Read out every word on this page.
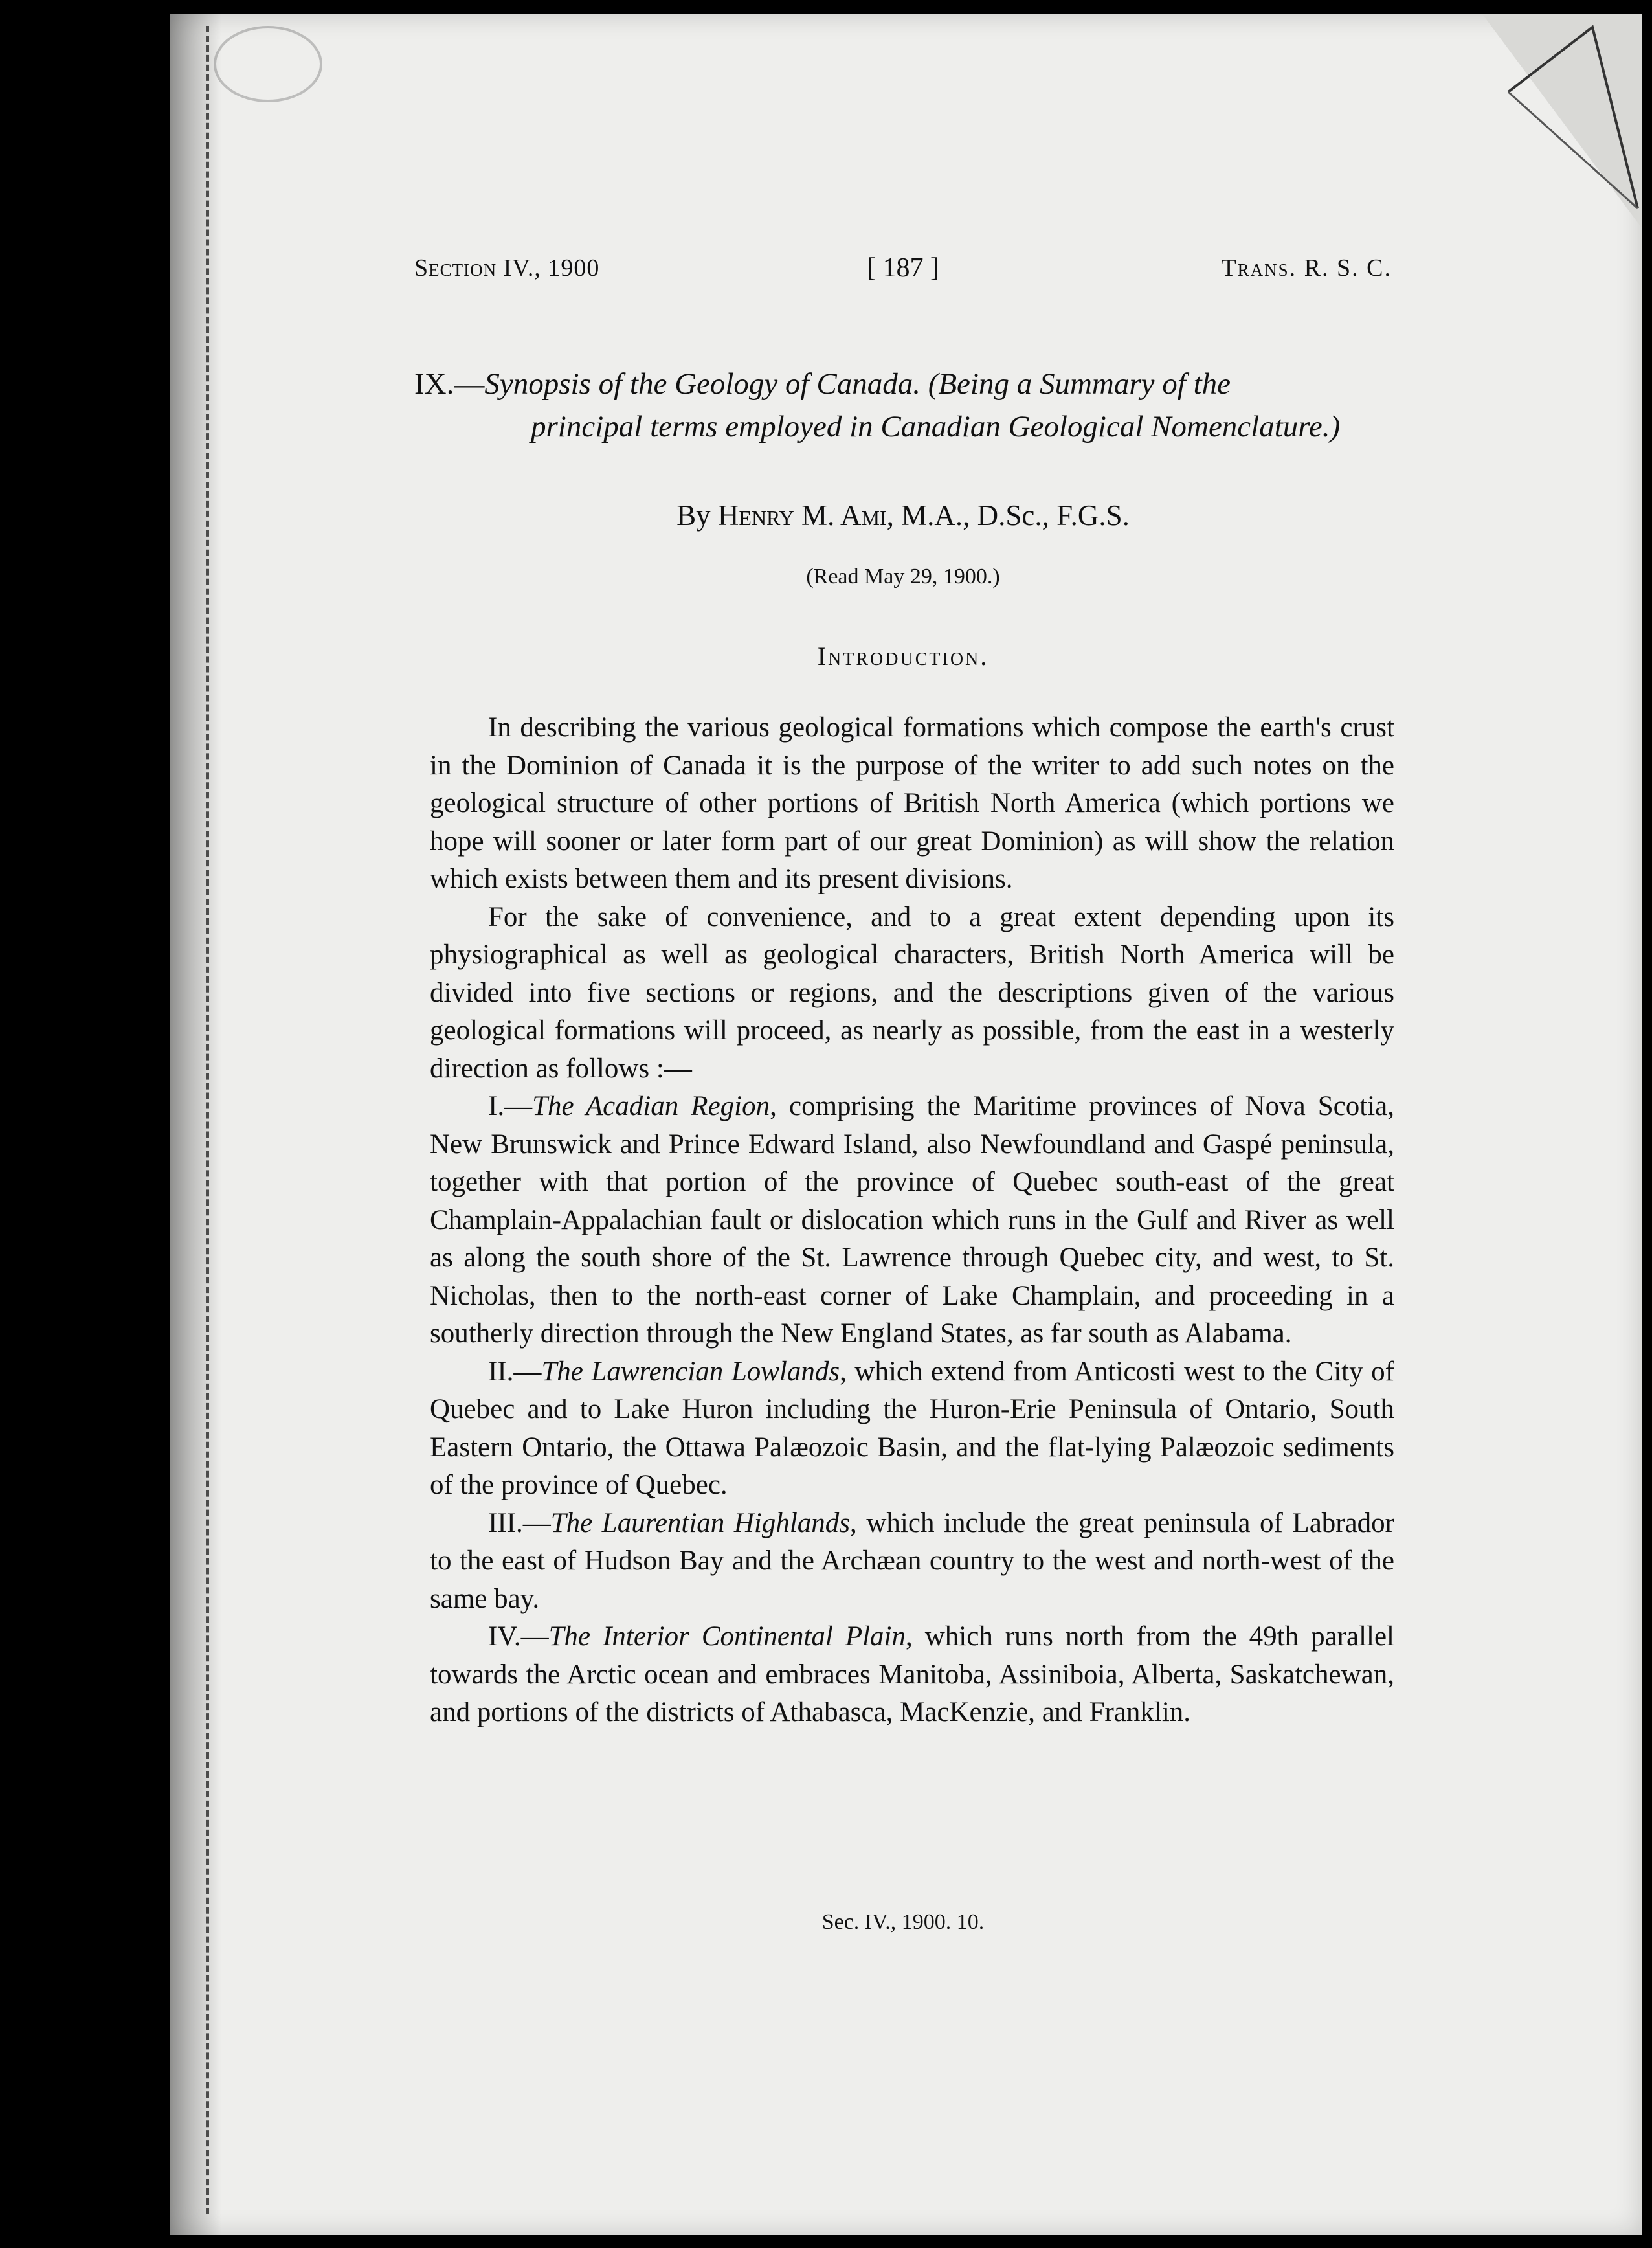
Section IV., 1900	[ 187 ]	Trans. R. S. C.
IX.—Synopsis of the Geology of Canada. (Being a Summary of the
principal terms employed in Canadian Geological Nomenclature.)
By Henry M. Ami, M.A., D.Sc., F.G.S.
(Read May 29, 1900.)
Introduction.

In describing the various geological formations which compose the earth's crust in the Dominion of Canada it is the purpose of the writer to add such notes on the geological structure of other portions of British North America (which portions we hope will sooner or later form part of our great Dominion) as will show the relation which exists between them and its present divisions.

For the sake of convenience, and to a great extent depending upon its physiographical as well as geological characters, British North America will be divided into five sections or regions, and the descriptions given of the various geological formations will proceed, as nearly as possible, from the east in a westerly direction as follows :—

I.—The Acadian Region, comprising the Maritime provinces of Nova Scotia, New Brunswick and Prince Edward Island, also Newfoundland and Gaspé peninsula, together with that portion of the province of Quebec south-east of the great Champlain-Appalachian fault or dislocation which runs in the Gulf and River as well as along the south shore of the St. Lawrence through Quebec city, and west, to St. Nicholas, then to the north-east corner of Lake Champlain, and proceeding in a southerly direction through the New England States, as far south as Alabama.

II.—The Lawrencian Lowlands, which extend from Anticosti west to the City of Quebec and to Lake Huron including the Huron-Erie Peninsula of Ontario, South Eastern Ontario, the Ottawa Palæozoic Basin, and the flat-lying Palæozoic sediments of the province of Quebec.

III.—The Laurentian Highlands, which include the great peninsula of Labrador to the east of Hudson Bay and the Archæan country to the west and north-west of the same bay.

IV.—The Interior Continental Plain, which runs north from the 49th parallel towards the Arctic ocean and embraces Manitoba, Assiniboia, Alberta, Saskatchewan, and portions of the districts of Athabasca, MacKenzie, and Franklin.

Sec. IV., 1900. 10.
